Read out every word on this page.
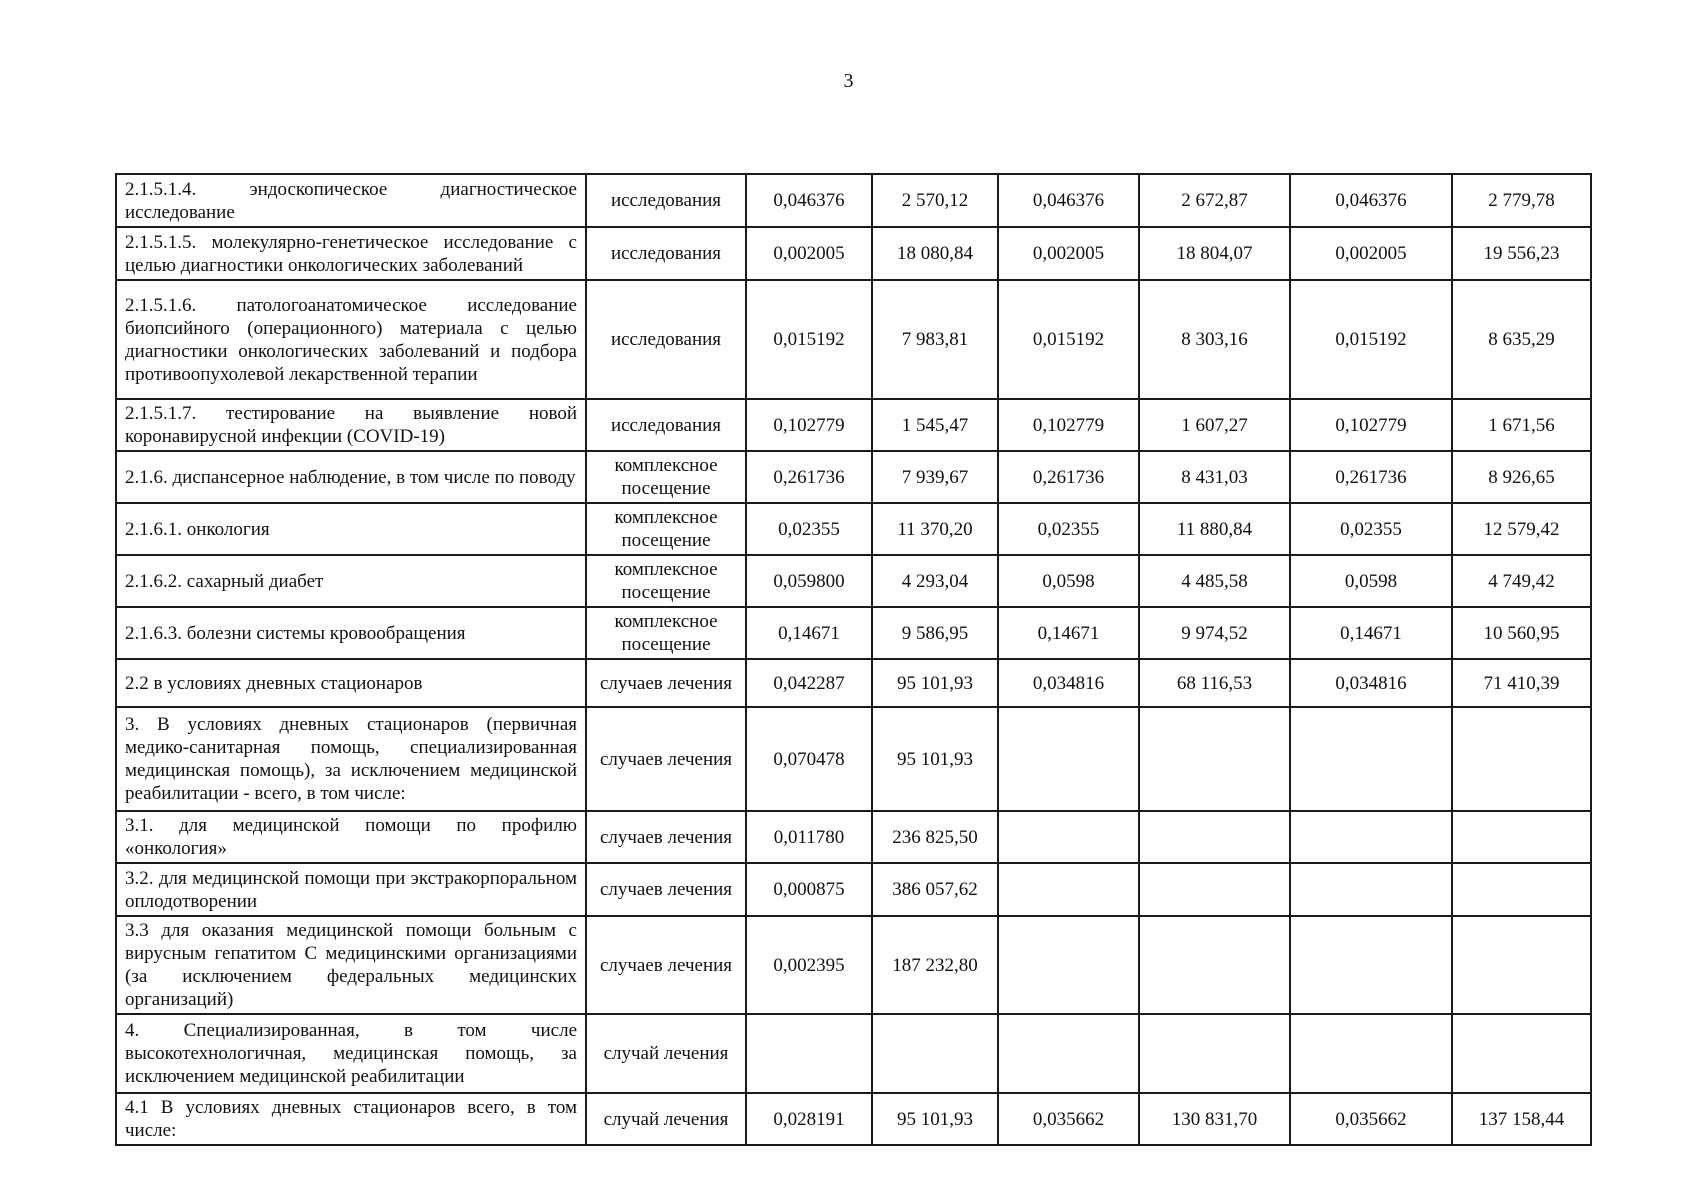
3
2.1.5.1.4. эндоскопическое диагностическое исследование	исследования	0,046376	2 570,12	0,046376	2 672,87	0,046376	2 779,78
2.1.5.1.5. молекулярно-генетическое исследование с целью диагностики онкологических заболеваний	исследования	0,002005	18 080,84	0,002005	18 804,07	0,002005	19 556,23
2.1.5.1.6. патологоанатомическое исследование биопсийного (операционного) материала с целью диагностики онкологических заболеваний и подбора противоопухолевой лекарственной терапии	исследования	0,015192	7 983,81	0,015192	8 303,16	0,015192	8 635,29
2.1.5.1.7. тестирование на выявление новой коронавирусной инфекции (COVID-19)	исследования	0,102779	1 545,47	0,102779	1 607,27	0,102779	1 671,56
2.1.6. диспансерное наблюдение, в том числе по поводу	комплексное посещение	0,261736	7 939,67	0,261736	8 431,03	0,261736	8 926,65
2.1.6.1. онкология	комплексное посещение	0,02355	11 370,20	0,02355	11 880,84	0,02355	12 579,42
2.1.6.2. сахарный диабет	комплексное посещение	0,059800	4 293,04	0,0598	4 485,58	0,0598	4 749,42
2.1.6.3. болезни системы кровообращения	комплексное посещение	0,14671	9 586,95	0,14671	9 974,52	0,14671	10 560,95
2.2 в условиях дневных стационаров	случаев лечения	0,042287	95 101,93	0,034816	68 116,53	0,034816	71 410,39
3. В условиях дневных стационаров (первичная медико-санитарная помощь, специализированная медицинская помощь), за исключением медицинской реабилитации - всего, в том числе:	случаев лечения	0,070478	95 101,93				
3.1. для медицинской помощи по профилю «онкология»	случаев лечения	0,011780	236 825,50				
3.2. для медицинской помощи при экстракорпоральном оплодотворении	случаев лечения	0,000875	386 057,62				
3.3 для оказания медицинской помощи больным с вирусным гепатитом С медицинскими организациями (за исключением федеральных медицинских организаций)	случаев лечения	0,002395	187 232,80				
4. Специализированная, в том числе высокотехнологичная, медицинская помощь, за исключением медицинской реабилитации	случай лечения						
4.1 В условиях дневных стационаров всего, в том числе:	случай лечения	0,028191	95 101,93	0,035662	130 831,70	0,035662	137 158,44
